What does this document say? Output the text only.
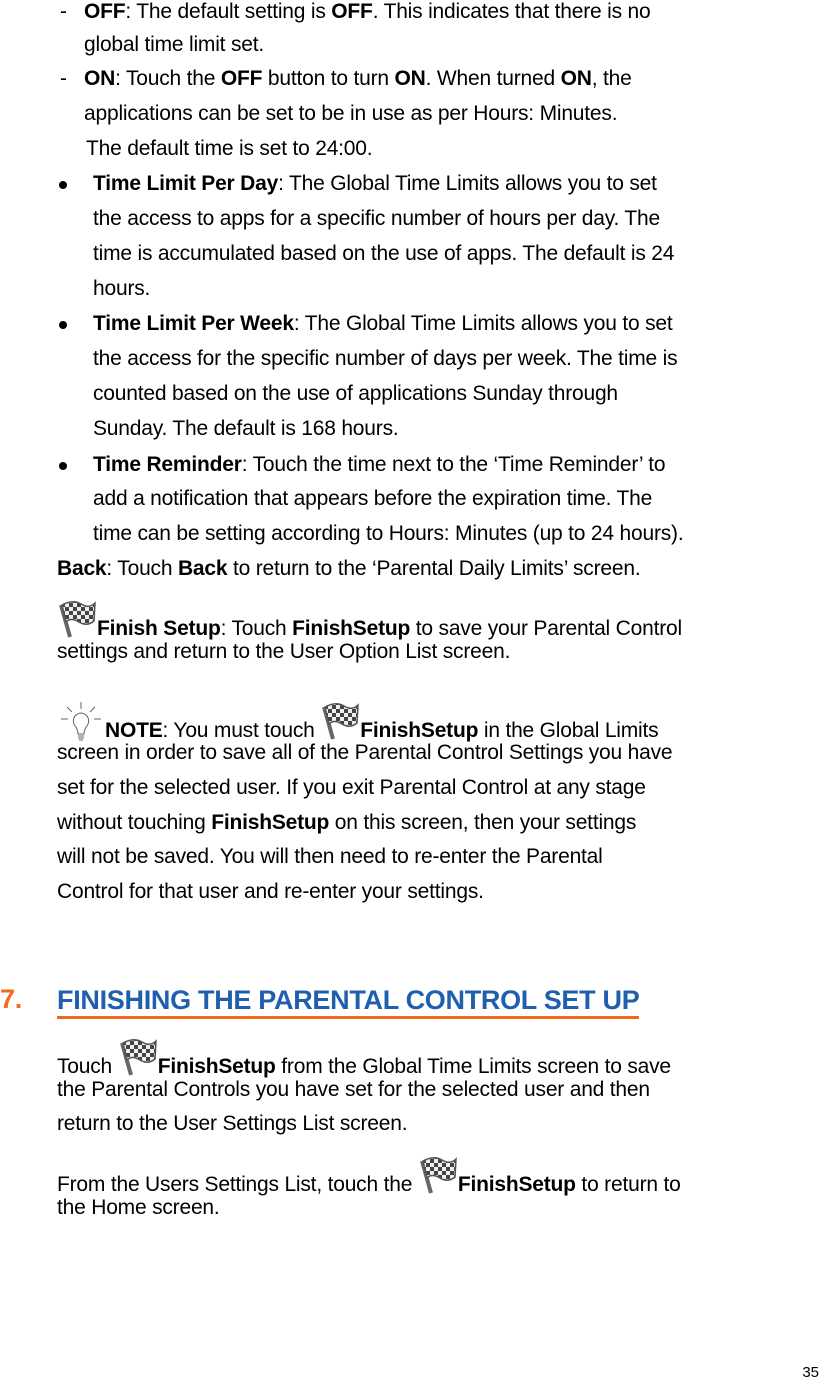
7. FINISHING THE PARENTAL CONTROL SET UP
35
- OFF: The default setting is OFF. This indicates that there is no
global time limit set.
- ON: Touch the OFF button to turn ON. When turned ON, the
applications can be set to be in use as per Hours: Minutes.
The default time is set to 24:00.
Time Limit Per Day: The Global Time Limits allows you to set
the access to apps for a specific number of hours per day. The
time is accumulated based on the use of apps. The default is 24
hours.
Time Limit Per Week: The Global Time Limits allows you to set
the access for the specific number of days per week. The time is
counted based on the use of applications Sunday through
Sunday. The default is 168 hours.
Time Reminder: Touch the time next to the ‘Time Reminder’ to
add a notification that appears before the expiration time. The
time can be setting according to Hours: Minutes (up to 24 hours).
Back: Touch Back to return to the ‘Parental Daily Limits’ screen.
Finish Setup: Touch FinishSetup to save your Parental Control
settings and return to the User Option List screen.
NOTE: You must touch FinishSetup in the Global Limits
screen in order to save all of the Parental Control Settings you have
set for the selected user. If you exit Parental Control at any stage
without touching FinishSetup on this screen, then your settings
will not be saved. You will then need to re-enter the Parental
Control for that user and re-enter your settings.
Touch FinishSetup from the Global Time Limits screen to save
the Parental Controls you have set for the selected user and then
return to the User Settings List screen.
From the Users Settings List, touch the FinishSetup to return to
the Home screen.
